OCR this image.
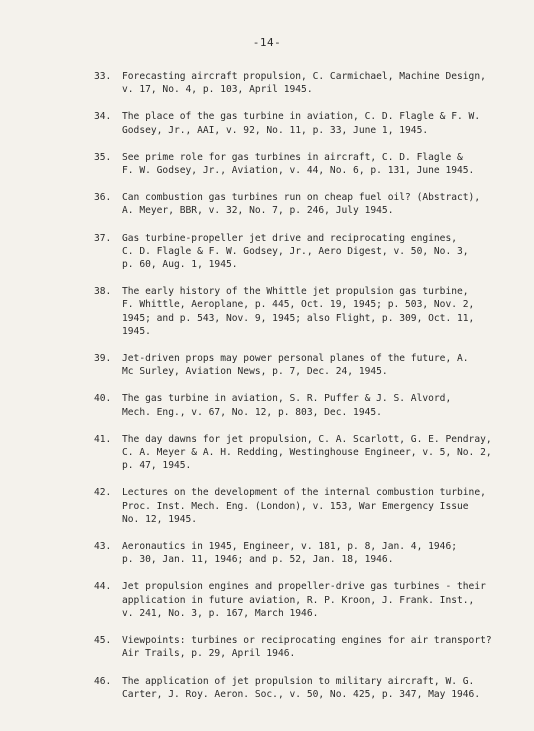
-14-
33. Forecasting aircraft propulsion, C. Carmichael, Machine Design,
v. 17, No. 4, p. 103, April 1945.
34. The place of the gas turbine in aviation, C. D. Flagle & F. W.
Godsey, Jr., AAI, v. 92, No. 11, p. 33, June 1, 1945.
35. See prime role for gas turbines in aircraft, C. D. Flagle &
F. W. Godsey, Jr., Aviation, v. 44, No. 6, p. 131, June 1945.
36. Can combustion gas turbines run on cheap fuel oil? (Abstract),
A. Meyer, BBR, v. 32, No. 7, p. 246, July 1945.
37. Gas turbine-propeller jet drive and reciprocating engines,
C. D. Flagle & F. W. Godsey, Jr., Aero Digest, v. 50, No. 3,
p. 60, Aug. 1, 1945.
38. The early history of the Whittle jet propulsion gas turbine,
F. Whittle, Aeroplane, p. 445, Oct. 19, 1945; p. 503, Nov. 2,
1945; and p. 543, Nov. 9, 1945; also Flight, p. 309, Oct. 11,
1945.
39. Jet-driven props may power personal planes of the future, A.
Mc Surley, Aviation News, p. 7, Dec. 24, 1945.
40. The gas turbine in aviation, S. R. Puffer & J. S. Alvord,
Mech. Eng., v. 67, No. 12, p. 803, Dec. 1945.
41. The day dawns for jet propulsion, C. A. Scarlott, G. E. Pendray,
C. A. Meyer & A. H. Redding, Westinghouse Engineer, v. 5, No. 2,
p. 47, 1945.
42. Lectures on the development of the internal combustion turbine,
Proc. Inst. Mech. Eng. (London), v. 153, War Emergency Issue
No. 12, 1945.
43. Aeronautics in 1945, Engineer, v. 181, p. 8, Jan. 4, 1946;
p. 30, Jan. 11, 1946; and p. 52, Jan. 18, 1946.
44. Jet propulsion engines and propeller-drive gas turbines - their
application in future aviation, R. P. Kroon, J. Frank. Inst.,
v. 241, No. 3, p. 167, March 1946.
45. Viewpoints: turbines or reciprocating engines for air transport?
Air Trails, p. 29, April 1946.
46. The application of jet propulsion to military aircraft, W. G.
Carter, J. Roy. Aeron. Soc., v. 50, No. 425, p. 347, May 1946.
